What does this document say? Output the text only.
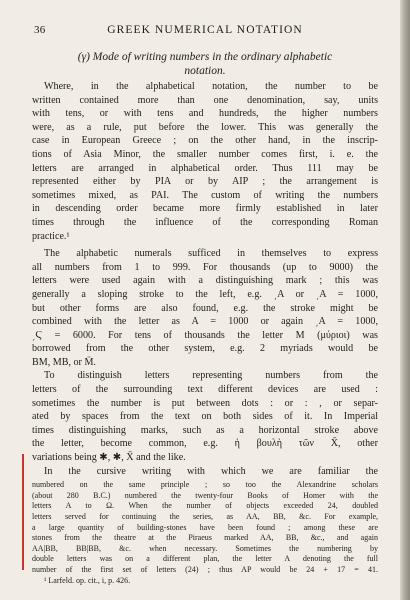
36	GREEK NUMERICAL NOTATION
(γ) Mode of writing numbers in the ordinary alphabetic
notation.
Where, in the alphabetical notation, the number to be
written contained more than one denomination, say, units
with tens, or with tens and hundreds, the higher numbers
were, as a rule, put before the lower. This was generally the
case in European Greece ; on the other hand, in the inscrip-
tions of Asia Minor, the smaller number comes first, i. e. the
letters are arranged in alphabetical order. Thus 111 may be
represented either by PIA or by AIP ; the arrangement is
sometimes mixed, as PAI. The custom of writing the numbers
in descending order became more firmly established in later
times through the influence of the corresponding Roman
practice.¹
The alphabetic numerals sufficed in themselves to express
all numbers from 1 to 999. For thousands (up to 9000) the
letters were used again with a distinguishing mark ; this was
generally a sloping stroke to the left, e.g. ͵A or ͵A = 1000,
but other forms are also found, e.g. the stroke might be
combined with the letter as A = 1000 or again ͵A = 1000,
͵Ϛ = 6000. For tens of thousands the letter M (μύριοι) was
borrowed from the other system, e.g. 2 myriads would be
BM, MB, or M̈.
To distinguish letters representing numbers from the
letters of the surrounding text different devices are used :
sometimes the number is put between dots : or : , or separ-
ated by spaces from the text on both sides of it. In Imperial
times distinguishing marks, such as a horizontal stroke above
the letter, become common, e.g. ἡ βουλὴ τῶν X̄, other
variations being ✱, ✱, X̄ and the like.
In the cursive writing with which we are familiar the
numbered on the same principle ; so too the Alexandrine scholars
(about 280 B.C.) numbered the twenty-four Books of Homer with the
letters A to Ω. When the number of objects exceeded 24, doubled
letters served for continuing the series, as AA, BB, &c. For example,
a large quantity of building-stones have been found ; among these are
stones from the theatre at the Piraeus marked AA, BB, &c., and again
AA|BB, BB|BB, &c. when necessary. Sometimes the numbering by
double letters was on a different plan, the letter A denoting the full
number of the first set of letters (24) ; thus AP would be 24 + 17 = 41.
¹ Larfeld. op. cit., i, p. 426.
